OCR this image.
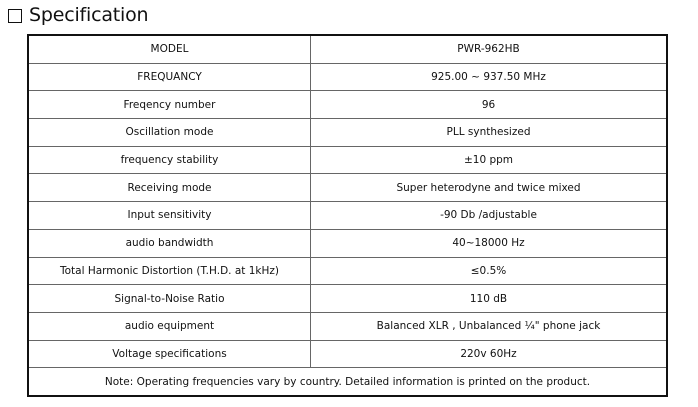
Specification
MODEL	PWR-962HB
FREQUANCY	925.00 ~ 937.50 MHz
Freqency number	96
Oscillation mode	PLL synthesized
frequency stability	±10 ppm
Receiving mode	Super heterodyne and twice mixed
Input sensitivity	-90 Db /adjustable
audio bandwidth	40~18000 Hz
Total Harmonic Distortion (T.H.D. at 1kHz)	≤0.5%
Signal-to-Noise Ratio	110 dB
audio equipment	Balanced XLR , Unbalanced ¼" phone jack
Voltage specifications	220v 60Hz
Note: Operating frequencies vary by country. Detailed information is printed on the product.	
